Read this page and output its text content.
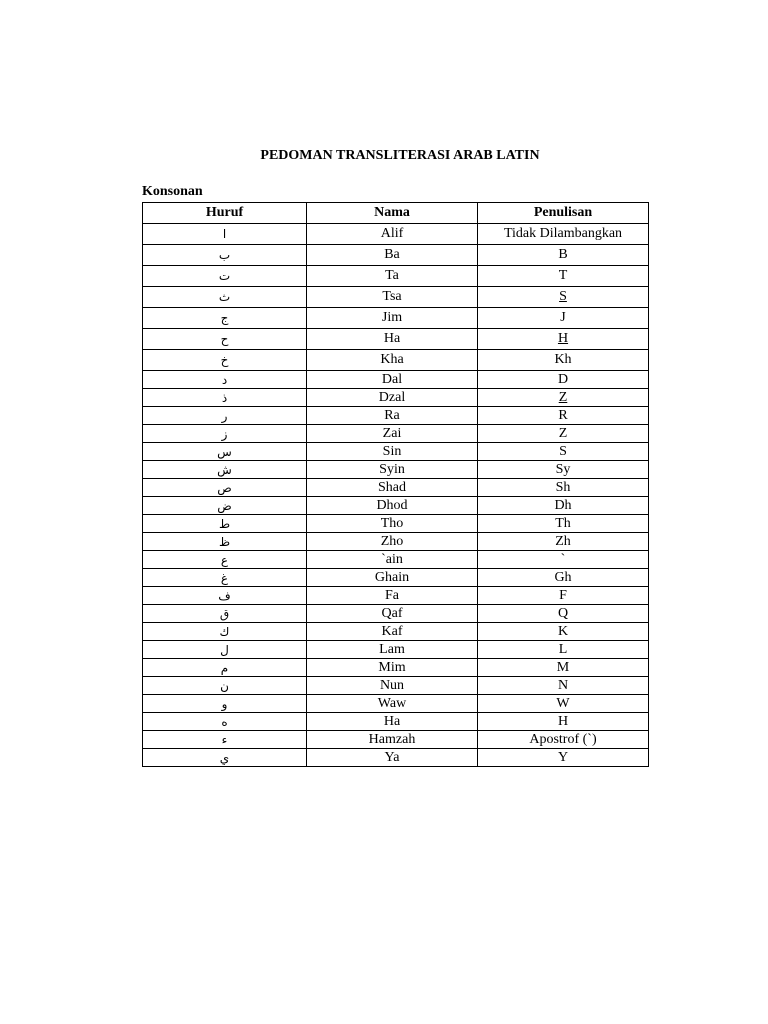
PEDOMAN TRANSLITERASI ARAB LATIN
Konsonan
Huruf	Nama	Penulisan
ا	Alif	Tidak Dilambangkan
ب	Ba	B
ت	Ta	T
ث	Tsa	S
ج	Jim	J
ح	Ha	H
خ	Kha	Kh
د	Dal	D
ذ	Dzal	Z
ر	Ra	R
ز	Zai	Z
س	Sin	S
ش	Syin	Sy
ص	Shad	Sh
ض	Dhod	Dh
ط	Tho	Th
ظ	Zho	Zh
ع	`ain	`
غ	Ghain	Gh
ف	Fa	F
ق	Qaf	Q
ك	Kaf	K
ل	Lam	L
م	Mim	M
ن	Nun	N
و	Waw	W
ه	Ha	H
ء	Hamzah	Apostrof (`)
ي	Ya	Y
